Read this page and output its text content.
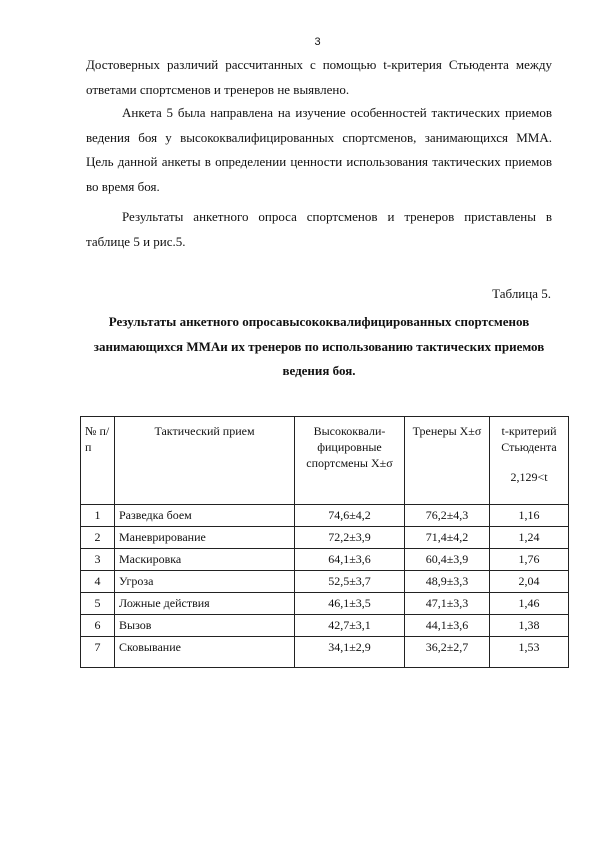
3

Достоверных различий рассчитанных с помощью t-критерия Стьюдента между ответами спортсменов и тренеров не выявлено.

Анкета 5 была направлена на изучение особенностей тактических приемов ведения боя у высококвалифицированных спортсменов, занимающихся ММА. Цель данной анкеты в определении ценности использования тактических приемов во время боя.

Результаты анкетного опроса спортсменов и тренеров приставлены в таблице 5 и рис.5.

Таблица 5.
Результаты анкетного опросавысококвалифицированных спортсменов занимающихся ММАи их тренеров по использованию тактических приемов ведения боя.
№ п/п	Тактический прием	Высококвали-фицировные спортсмены Х±σ	Тренеры Х±σ	t-критерий Стьюдента
2,129<t

1	Разведка боем	74,6±4,2	76,2±4,3	1,16
2	Маневрирование	72,2±3,9	71,4±4,2	1,24
3	Маскировка	64,1±3,6	60,4±3,9	1,76
4	Угроза	52,5±3,7	48,9±3,3	2,04
5	Ложные действия	46,1±3,5	47,1±3,3	1,46
6	Вызов	42,7±3,1	44,1±3,6	1,38
7	Сковывание	34,1±2,9	36,2±2,7	1,53
